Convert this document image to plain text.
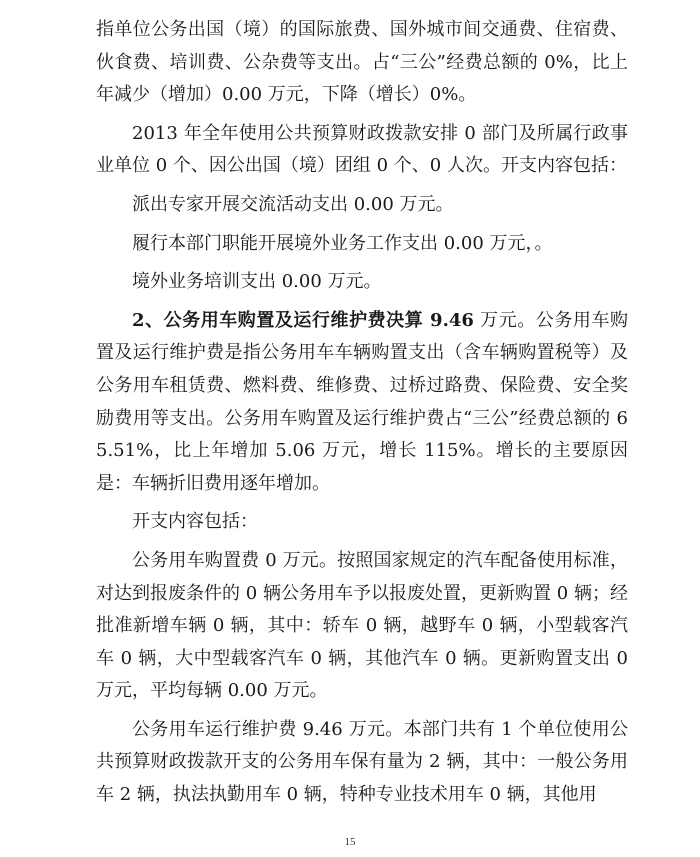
指单位公务出国（境）的国际旅费、国外城市间交通费、住宿费、伙食费、培训费、公杂费等支出。占“三公”经费总额的 0%，比上年减少（增加）0.00 万元，下降（增长）0%。

2013 年全年使用公共预算财政拨款安排 0 部门及所属行政事业单位 0 个、因公出国（境）团组 0 个、0 人次。开支内容包括：

派出专家开展交流活动支出 0.00 万元。

履行本部门职能开展境外业务工作支出 0.00 万元，。

境外业务培训支出 0.00 万元。

2、公务用车购置及运行维护费决算 9.46 万元。公务用车购置及运行维护费是指公务用车车辆购置支出（含车辆购置税等）及公务用车租赁费、燃料费、维修费、过桥过路费、保险费、安全奖励费用等支出。公务用车购置及运行维护费占“三公”经费总额的 65.51%，比上年增加 5.06 万元，增长 115%。增长的主要原因是：车辆折旧费用逐年增加。

开支内容包括：

公务用车购置费 0 万元。按照国家规定的汽车配备使用标准，对达到报废条件的 0 辆公务用车予以报废处置，更新购置 0 辆；经批准新增车辆 0 辆，其中：轿车 0 辆，越野车 0 辆，小型载客汽车 0 辆，大中型载客汽车 0 辆，其他汽车 0 辆。更新购置支出 0 万元，平均每辆 0.00 万元。

公务用车运行维护费 9.46 万元。本部门共有 1 个单位使用公共预算财政拨款开支的公务用车保有量为 2 辆，其中：一般公务用车 2 辆，执法执勤用车 0 辆，特种专业技术用车 0 辆，其他用

15
